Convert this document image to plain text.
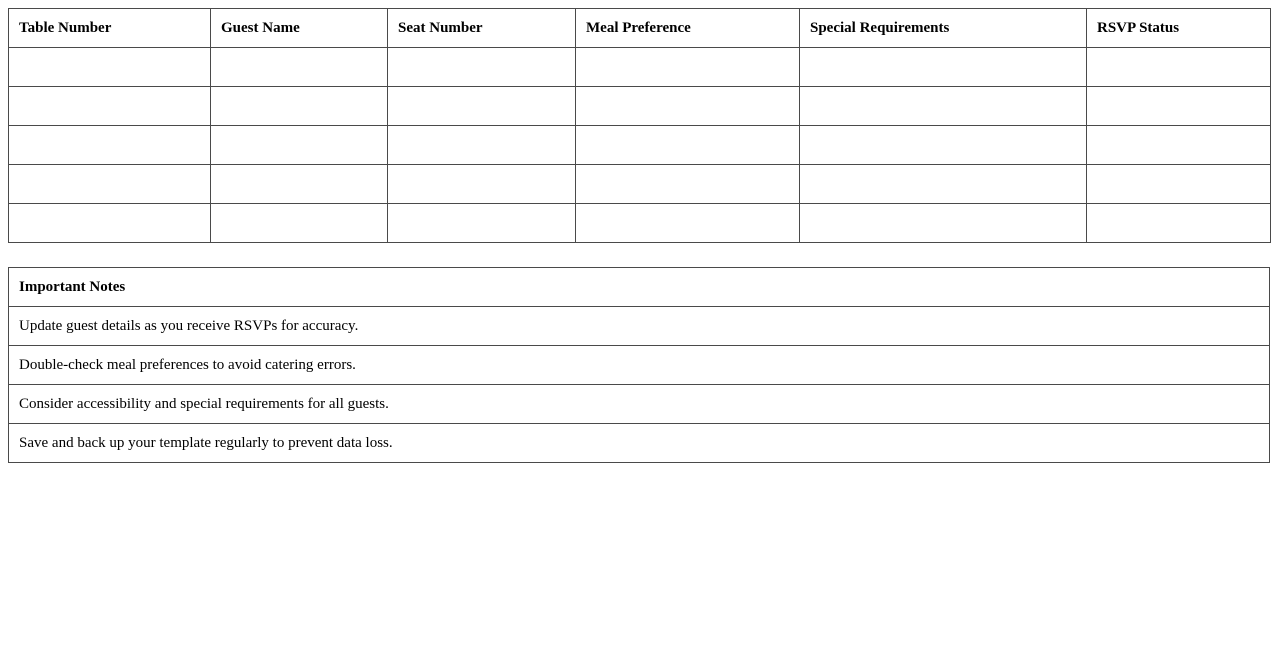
Table Number	Guest Name	Seat Number	Meal Preference	Special Requirements	RSVP Status

Important Notes
Update guest details as you receive RSVPs for accuracy.
Double-check meal preferences to avoid catering errors.
Consider accessibility and special requirements for all guests.
Save and back up your template regularly to prevent data loss.
